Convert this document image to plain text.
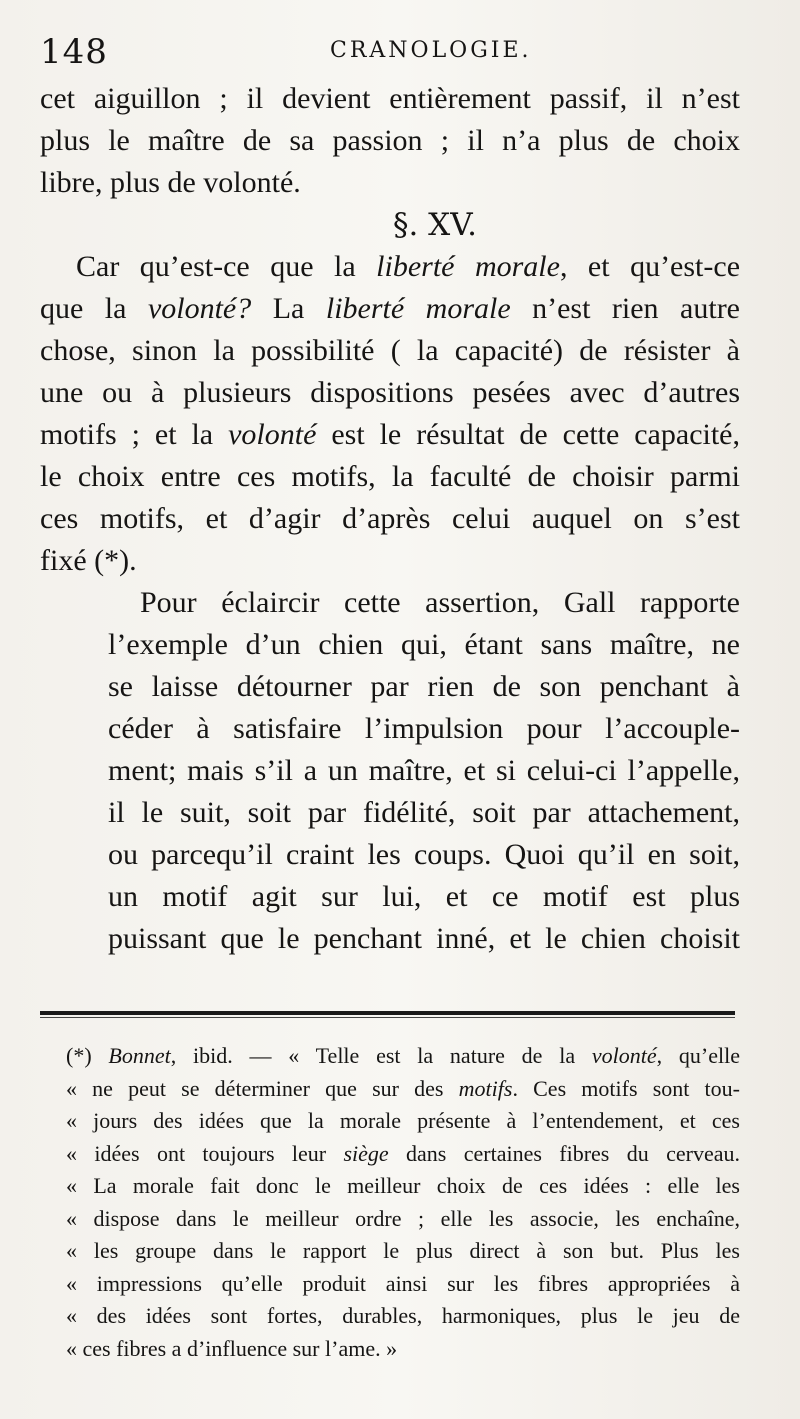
148	CRANOLOGIE.
cet aiguillon ; il devient entièrement passif, il n’est
plus le maître de sa passion ; il n’a plus de choix
libre, plus de volonté.
§. XV.
Car qu’est-ce que la liberté morale, et qu’est-ce
que la volonté? La liberté morale n’est rien autre
chose, sinon la possibilité ( la capacité) de résister à
une ou à plusieurs dispositions pesées avec d’autres
motifs ; et la volonté est le résultat de cette capacité,
le choix entre ces motifs, la faculté de choisir parmi
ces motifs, et d’agir d’après celui auquel on s’est
fixé (*).
Pour éclaircir cette assertion, Gall rapporte
l’exemple d’un chien qui, étant sans maître, ne
se laisse détourner par rien de son penchant à
céder à satisfaire l’impulsion pour l’accouple-
ment; mais s’il a un maître, et si celui-ci l’appelle,
il le suit, soit par fidélité, soit par attachement,
ou parcequ’il craint les coups. Quoi qu’il en soit,
un motif agit sur lui, et ce motif est plus
puissant que le penchant inné, et le chien choisit
(*) Bonnet, ibid. — « Telle est la nature de la volonté, qu’elle
« ne peut se déterminer que sur des motifs. Ces motifs sont tou-
« jours des idées que la morale présente à l’entendement, et ces
« idées ont toujours leur siège dans certaines fibres du cerveau.
« La morale fait donc le meilleur choix de ces idées : elle les
« dispose dans le meilleur ordre ; elle les associe, les enchaîne,
« les groupe dans le rapport le plus direct à son but. Plus les
« impressions qu’elle produit ainsi sur les fibres appropriées à
« des idées sont fortes, durables, harmoniques, plus le jeu de
« ces fibres a d’influence sur l’ame. »
